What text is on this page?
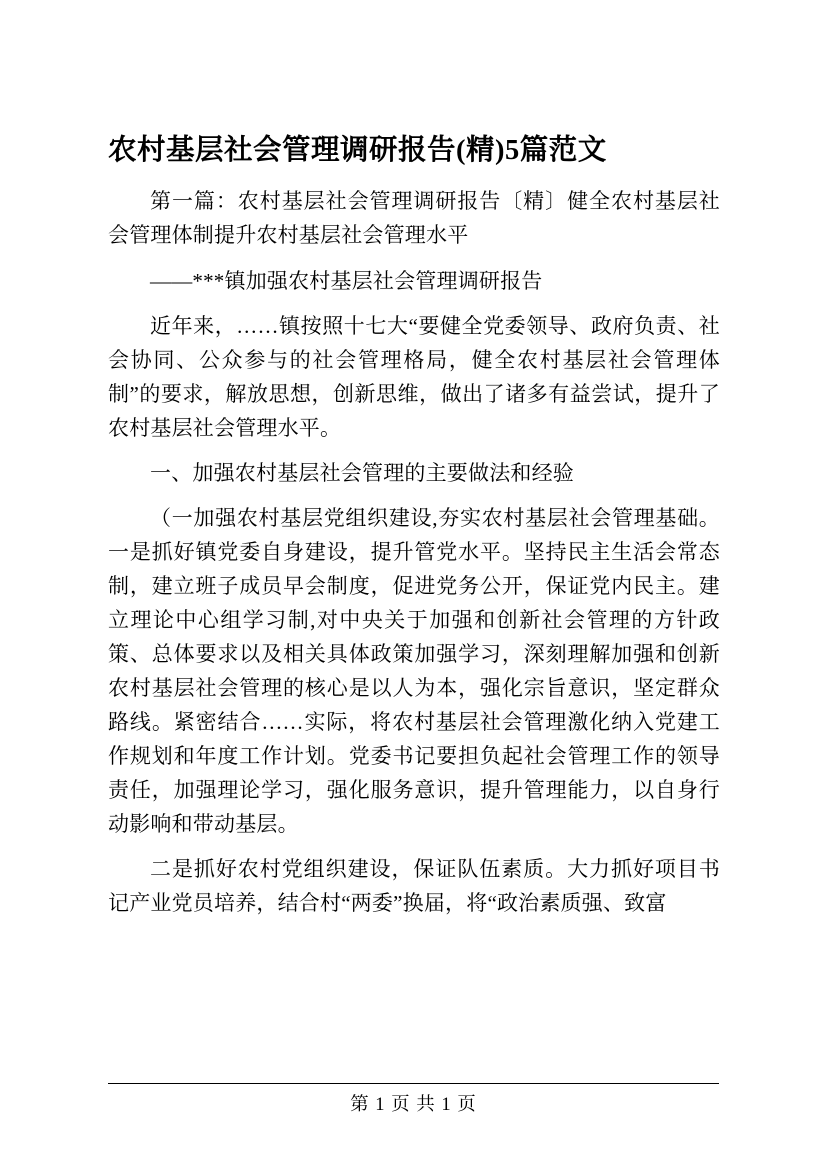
农村基层社会管理调研报告(精)5篇范文

第一篇：农村基层社会管理调研报告〔精〕健全农村基层社会管理体制提升农村基层社会管理水平

——***镇加强农村基层社会管理调研报告

近年来，……镇按照十七大“要健全党委领导、政府负责、社会协同、公众参与的社会管理格局，健全农村基层社会管理体制”的要求，解放思想，创新思维，做出了诸多有益尝试，提升了农村基层社会管理水平。

一、加强农村基层社会管理的主要做法和经验

（一加强农村基层党组织建设,夯实农村基层社会管理基础。一是抓好镇党委自身建设，提升管党水平。坚持民主生活会常态制，建立班子成员早会制度，促进党务公开，保证党内民主。建立理论中心组学习制,对中央关于加强和创新社会管理的方针政策、总体要求以及相关具体政策加强学习，深刻理解加强和创新农村基层社会管理的核心是以人为本，强化宗旨意识，坚定群众路线。紧密结合……实际，将农村基层社会管理激化纳入党建工作规划和年度工作计划。党委书记要担负起社会管理工作的领导责任，加强理论学习，强化服务意识，提升管理能力，以自身行动影响和带动基层。

二是抓好农村党组织建设，保证队伍素质。大力抓好项目书记产业党员培养，结合村“两委”换届，将“政治素质强、致富

第 1 页 共 1 页
